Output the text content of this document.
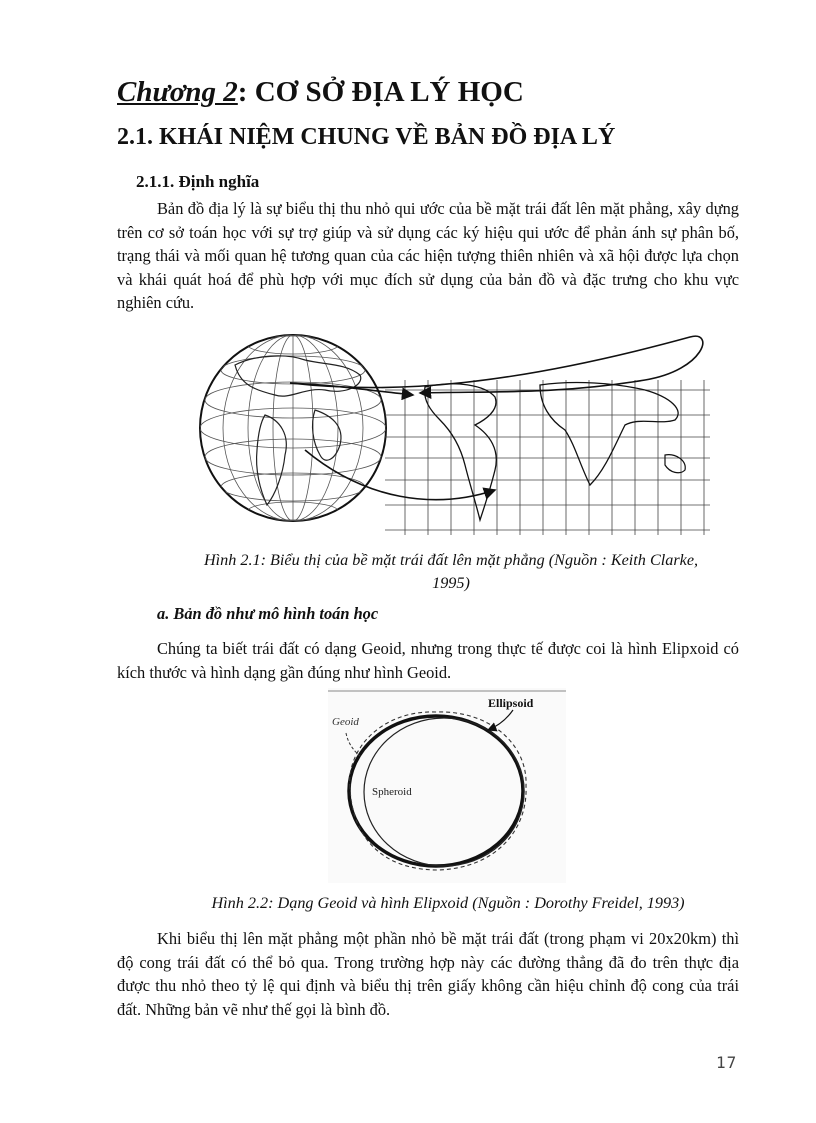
Chương 2: CƠ SỞ ĐỊA LÝ HỌC
2.1. KHÁI NIỆM CHUNG VỀ BẢN ĐỒ ĐỊA LÝ
2.1.1. Định nghĩa

Bản đồ địa lý là sự biểu thị thu nhỏ qui ước của bề mặt trái đất lên mặt phẳng, xây dựng trên cơ sở toán học với sự trợ giúp và sử dụng các ký hiệu qui ước để phản ánh sự phân bố, trạng thái và mối quan hệ tương quan của các hiện tượng thiên nhiên và xã hội được lựa chọn và khái quát hoá để phù hợp với mục đích sử dụng của bản đồ và đặc trưng cho khu vực nghiên cứu.

Hình 2.1: Biểu thị của bề mặt trái đất lên mặt phẳng (Nguồn : Keith Clarke,
1995)
a. Bản đồ như mô hình toán học

Chúng ta biết trái đất có dạng Geoid, nhưng trong thực tế được coi là hình Elipxoid có kích thước và hình dạng gần đúng như hình Geoid.

Ellipsoid
Geoid
Spheroid
Hình 2.2: Dạng Geoid và hình Elipxoid (Nguồn : Dorothy Freidel, 1993)

Khi biểu thị lên mặt phẳng một phần nhỏ bề mặt trái đất (trong phạm vi 20x20km) thì độ cong trái đất có thể bỏ qua. Trong trường hợp này các đường thẳng đã đo trên thực địa được thu nhỏ theo tỷ lệ qui định và biểu thị trên giấy không cần hiệu chỉnh độ cong của trái đất. Những bản vẽ như thế gọi là bình đồ.

17
